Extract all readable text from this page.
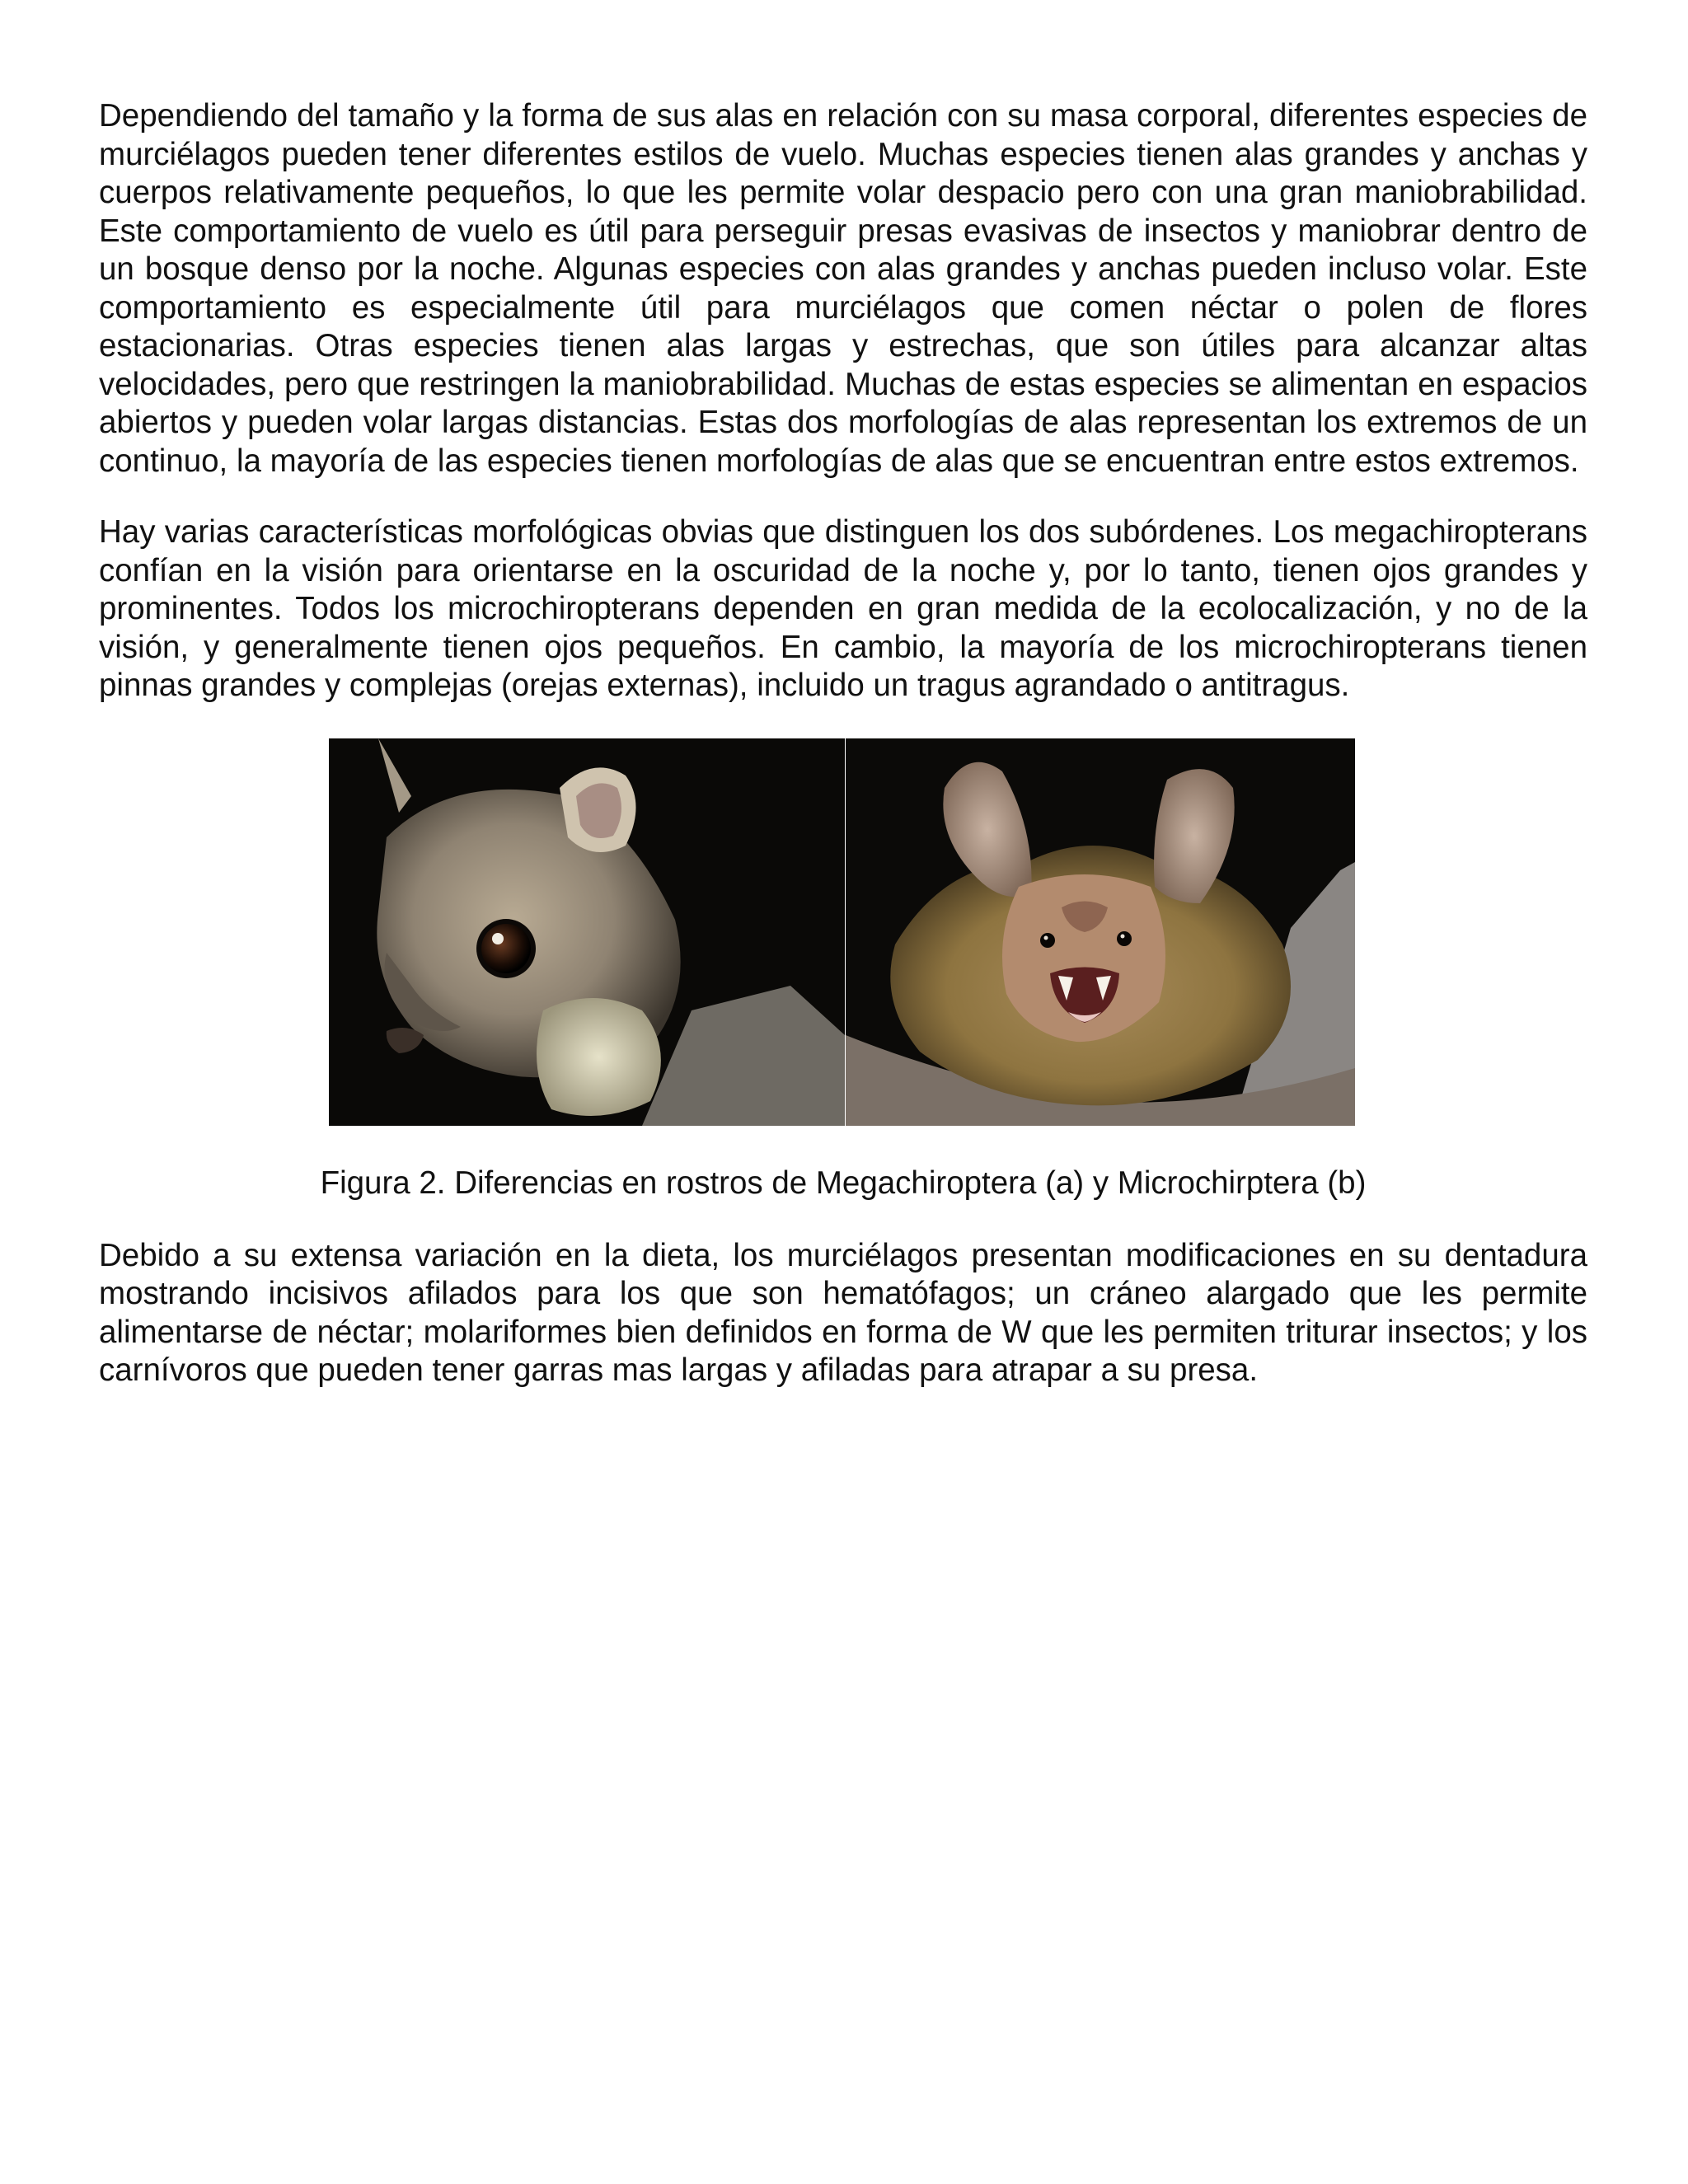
Dependiendo del tamaño y la forma de sus alas en relación con su masa corporal, diferentes especies de murciélagos pueden tener diferentes estilos de vuelo. Muchas especies tienen alas grandes y anchas y cuerpos relativamente pequeños, lo que les permite volar despacio pero con una gran maniobrabilidad. Este comportamiento de vuelo es útil para perseguir presas evasivas de insectos y maniobrar dentro de un bosque denso por la noche. Algunas especies con alas grandes y anchas pueden incluso volar. Este comportamiento es especialmente útil para murciélagos que comen néctar o polen de flores estacionarias. Otras especies tienen alas largas y estrechas, que son útiles para alcanzar altas velocidades, pero que restringen la maniobrabilidad. Muchas de estas especies se alimentan en espacios abiertos y pueden volar largas distancias. Estas dos morfologías de alas representan los extremos de un continuo, la mayoría de las especies tienen morfologías de alas que se encuentran entre estos extremos.

Hay varias características morfológicas obvias que distinguen los dos subórdenes. Los megachiropterans confían en la visión para orientarse en la oscuridad de la noche y, por lo tanto, tienen ojos grandes y prominentes. Todos los microchiropterans dependen en gran medida de la ecolocalización, y no de la visión, y generalmente tienen ojos pequeños. En cambio, la mayoría de los microchiropterans tienen pinnas grandes y complejas (orejas externas), incluido un tragus agrandado o antitragus.

Figura 2. Diferencias en rostros de Megachiroptera (a) y Microchirptera (b)

Debido a su extensa variación en la dieta, los murciélagos presentan modificaciones en su dentadura mostrando incisivos afilados para los que son hematófagos; un cráneo alargado que les permite alimentarse de néctar; molariformes bien definidos en forma de W que les permiten triturar insectos; y los carnívoros que pueden tener garras mas largas y afiladas para atrapar a su presa.
